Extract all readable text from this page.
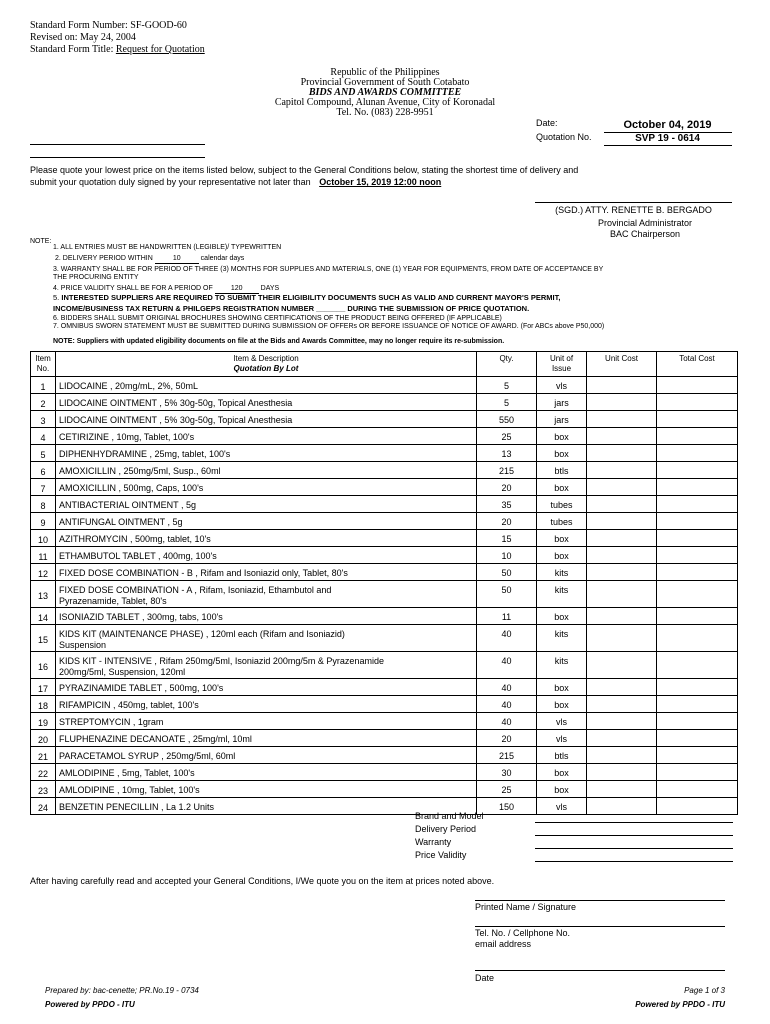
Standard Form Number: SF-GOOD-60
Revised on: May 24, 2004
Standard Form Title: Request for Quotation
Republic of the Philippines
Provincial Government of South Cotabato
BIDS AND AWARDS COMMITTEE
Capitol Compound, Alunan Avenue, City of Koronadal
Tel. No. (083) 228-9951
Date:	October 04, 2019
Quotation No.	SVP 19 - 0614
Please quote your lowest price on the items listed below, subject to the General Conditions below, stating the shortest time of delivery and
submit your quotation duly signed by your representative not later than October 15, 2019 12:00 noon
(SGD.) ATTY. RENETTE B. BERGADO
Provincial Administrator
BAC Chairperson
NOTE:
1. ALL ENTRIES MUST BE HANDWRITTEN (LEGIBLE)/ TYPEWRITTEN
2. DELIVERY PERIOD WITHIN	10	calendar days
3. WARRANTY SHALL BE FOR PERIOD OF THREE (3) MONTHS FOR SUPPLIES AND MATERIALS, ONE (1) YEAR FOR EQUIPMENTS, FROM DATE OF ACCEPTANCE BY
THE PROCURING ENTITY
4. PRICE VALIDITY SHALL BE FOR A PERIOD OF	120	DAYS
5. INTERESTED SUPPLIERS ARE REQUIRED TO SUBMIT THEIR ELIGIBILITY DOCUMENTS SUCH AS VALID AND CURRENT MAYOR'S PERMIT,
INCOME/BUSINESS TAX RETURN & PHILGEPS REGISTRATION NUMBER _______ DURING THE SUBMISSION OF PRICE QUOTATION.
6. BIDDERS SHALL SUBMIT ORIGINAL BROCHURES SHOWING CERTIFICATIONS OF THE PRODUCT BEING OFFERED (IF APPLICABLE)
7. OMNIBUS SWORN STATEMENT MUST BE SUBMITTED DURING SUBMISSION OF OFFERs OR BEFORE ISSUANCE OF NOTICE OF AWARD. (For ABCs above P50,000)
NOTE: Suppliers with updated eligibility documents on file at the Bids and Awards Committee, may no longer require its re-submission.
Item No.	Item & Description
Quotation By Lot	Qty.	Unit of Issue	Unit Cost	Total Cost
1	LIDOCAINE , 20mg/mL, 2%, 50mL	5	vls		
2	LIDOCAINE OINTMENT , 5% 30g-50g, Topical Anesthesia	5	jars		
3	LIDOCAINE OINTMENT , 5% 30g-50g, Topical Anesthesia	550	jars		
4	CETIRIZINE , 10mg, Tablet, 100's	25	box		
5	DIPHENHYDRAMINE , 25mg, tablet, 100's	13	box		
6	AMOXICILLIN , 250mg/5ml, Susp., 60ml	215	btls		
7	AMOXICILLIN , 500mg, Caps, 100's	20	box		
8	ANTIBACTERIAL OINTMENT , 5g	35	tubes		
9	ANTIFUNGAL OINTMENT , 5g	20	tubes		
10	AZITHROMYCIN , 500mg, tablet, 10's	15	box		
11	ETHAMBUTOL TABLET , 400mg, 100's	10	box		
12	FIXED DOSE COMBINATION - B , Rifam and Isoniazid only, Tablet, 80's	50	kits		
13	FIXED DOSE COMBINATION - A , Rifam, Isoniazid, Ethambutol and
Pyrazenamide, Tablet, 80's	50	kits		
14	ISONIAZID TABLET , 300mg, tabs, 100's	11	box		
15	KIDS KIT (MAINTENANCE PHASE) , 120ml each (Rifam and Isoniazid)
Suspension	40	kits		
16	KIDS KIT - INTENSIVE , Rifam 250mg/5ml, Isoniazid 200mg/5m & Pyrazenamide
200mg/5ml, Suspension, 120ml	40	kits		
17	PYRAZINAMIDE TABLET , 500mg, 100's	40	box		
18	RIFAMPICIN , 450mg, tablet, 100's	40	box		
19	STREPTOMYCIN , 1gram	40	vls		
20	FLUPHENAZINE DECANOATE , 25mg/ml, 10ml	20	vls		
21	PARACETAMOL SYRUP , 250mg/5ml, 60ml	215	btls		
22	AMLODIPINE , 5mg, Tablet, 100's	30	box		
23	AMLODIPINE , 10mg, Tablet, 100's	25	box		
24	BENZETIN PENECILLIN , La 1.2 Units	150	vls		
Brand and Model
Delivery Period
Warranty
Price Validity
After having carefully read and accepted your General Conditions, I/We quote you on the item at prices noted above.
Printed Name / Signature
Tel. No. / Cellphone No.
email address
Date
Prepared by: bac-cenette; PR.No.19 - 0734
Powered by PPDO - ITU
Page 1 of 3
Powered by PPDO - ITU
